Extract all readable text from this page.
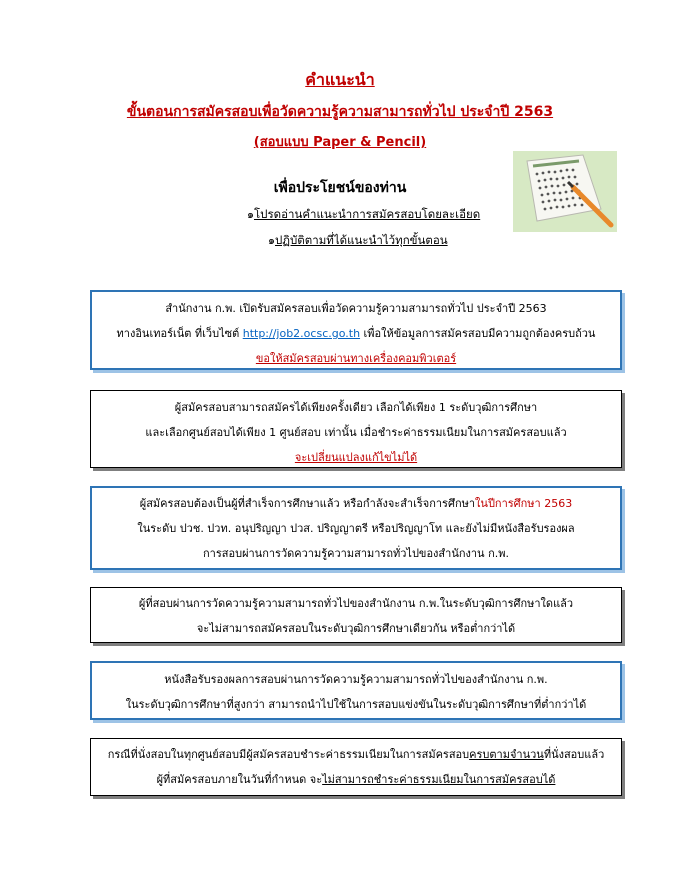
คำแนะนำ
ขั้นตอนการสมัครสอบเพื่อวัดความรู้ความสามารถทั่วไป ประจำปี 2563
(สอบแบบ Paper & Pencil)
เพื่อประโยชน์ของท่าน
๑โปรดอ่านคำแนะนำการสมัครสอบโดยละเอียด
๑ปฏิบัติตามที่ได้แนะนำไว้ทุกขั้นตอน
สำนักงาน ก.พ. เปิดรับสมัครสอบเพื่อวัดความรู้ความสามารถทั่วไป ประจำปี 2563
ทางอินเทอร์เน็ต ที่เว็บไซต์ http://job2.ocsc.go.th เพื่อให้ข้อมูลการสมัครสอบมีความถูกต้องครบถ้วน
ขอให้สมัครสอบผ่านทางเครื่องคอมพิวเตอร์
ผู้สมัครสอบสามารถสมัครได้เพียงครั้งเดียว เลือกได้เพียง 1 ระดับวุฒิการศึกษา
และเลือกศูนย์สอบได้เพียง 1 ศูนย์สอบ เท่านั้น เมื่อชำระค่าธรรมเนียมในการสมัครสอบแล้ว
จะเปลี่ยนแปลงแก้ไขไม่ได้
ผู้สมัครสอบต้องเป็นผู้ที่สำเร็จการศึกษาแล้ว หรือกำลังจะสำเร็จการศึกษาในปีการศึกษา 2563
ในระดับ ปวช. ปวท. อนุปริญญา ปวส. ปริญญาตรี หรือปริญญาโท และยังไม่มีหนังสือรับรองผล
การสอบผ่านการวัดความรู้ความสามารถทั่วไปของสำนักงาน ก.พ.
ผู้ที่สอบผ่านการวัดความรู้ความสามารถทั่วไปของสำนักงาน ก.พ.ในระดับวุฒิการศึกษาใดแล้ว
จะไม่สามารถสมัครสอบในระดับวุฒิการศึกษาเดียวกัน หรือต่ำกว่าได้
หนังสือรับรองผลการสอบผ่านการวัดความรู้ความสามารถทั่วไปของสำนักงาน ก.พ.
ในระดับวุฒิการศึกษาที่สูงกว่า สามารถนำไปใช้ในการสอบแข่งขันในระดับวุฒิการศึกษาที่ต่ำกว่าได้
กรณีที่นั่งสอบในทุกศูนย์สอบมีผู้สมัครสอบชำระค่าธรรมเนียมในการสมัครสอบครบตามจำนวนที่นั่งสอบแล้ว
ผู้ที่สมัครสอบภายในวันที่กำหนด จะไม่สามารถชำระค่าธรรมเนียมในการสมัครสอบได้
